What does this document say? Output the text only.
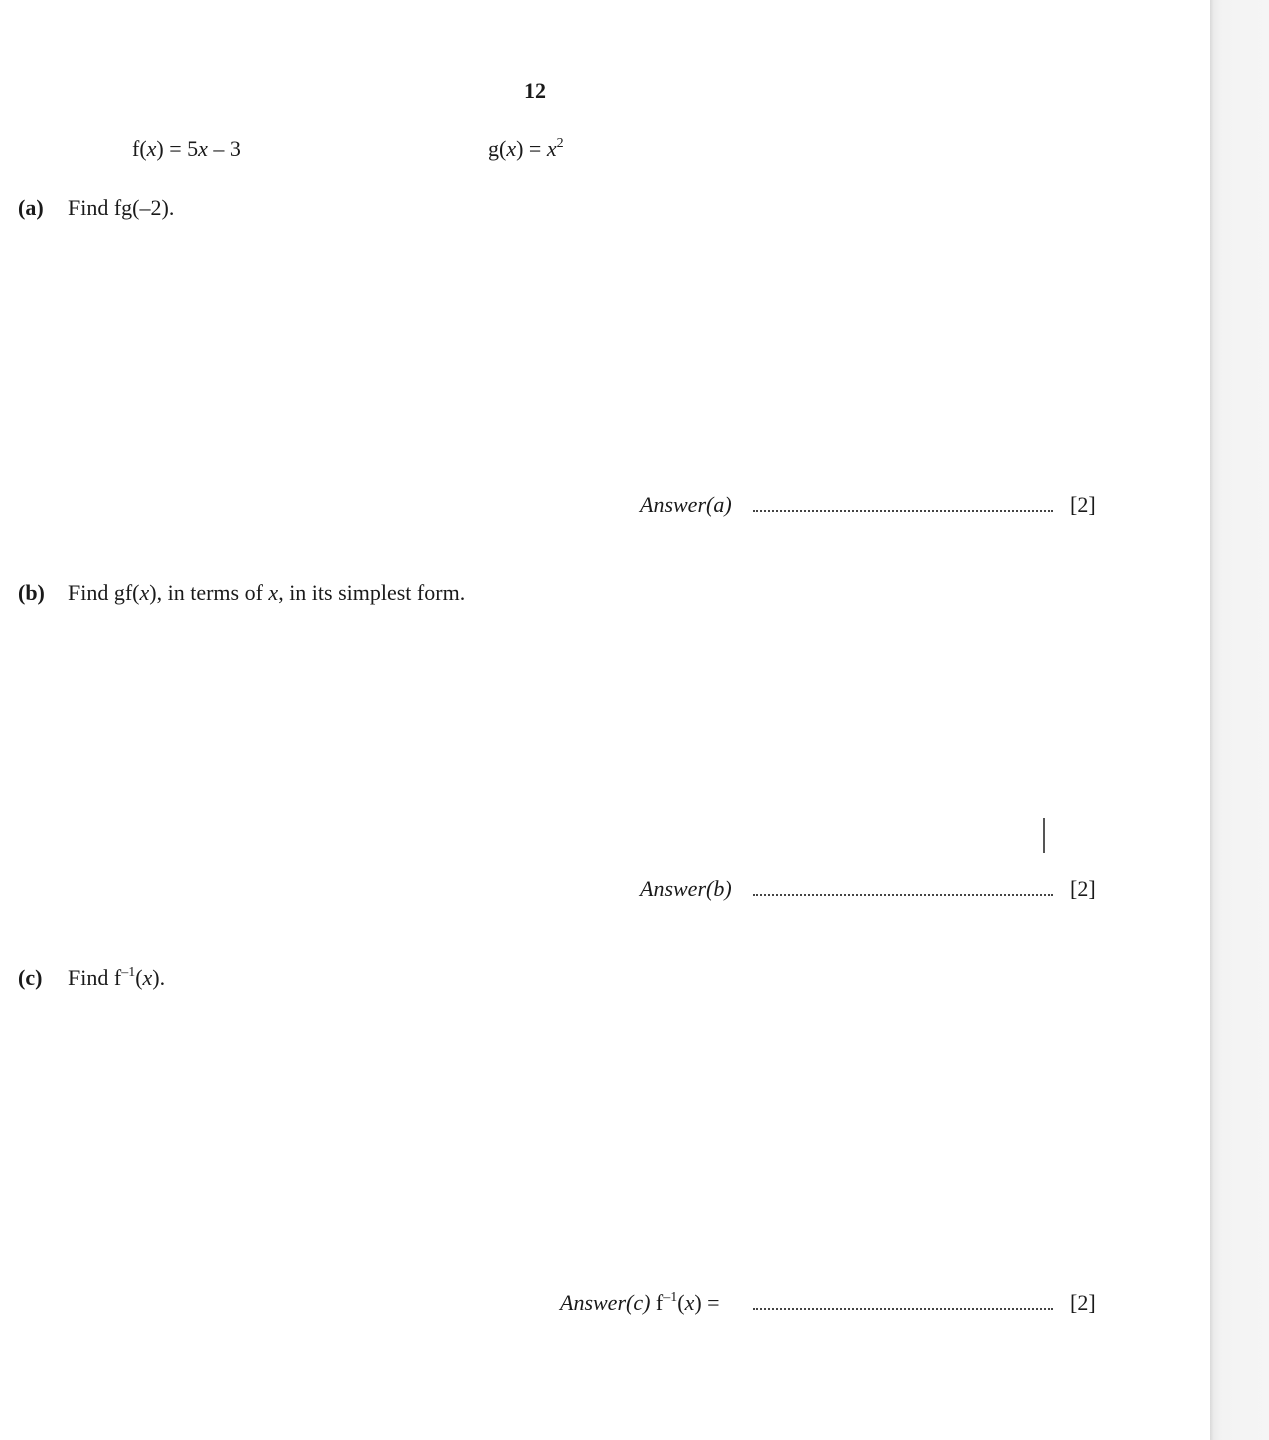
12
f(x) = 5x – 3	$g(x) = x^2$
(a) Find fg(–2).
Answer(a)	[2]
(b) Find gf(x), in terms of x, in its simplest form.
Answer(b)	[2]
(c) Find $f^{-1}(x)$.
Answer(c) $f^{-1}(x)$ =	[2]
